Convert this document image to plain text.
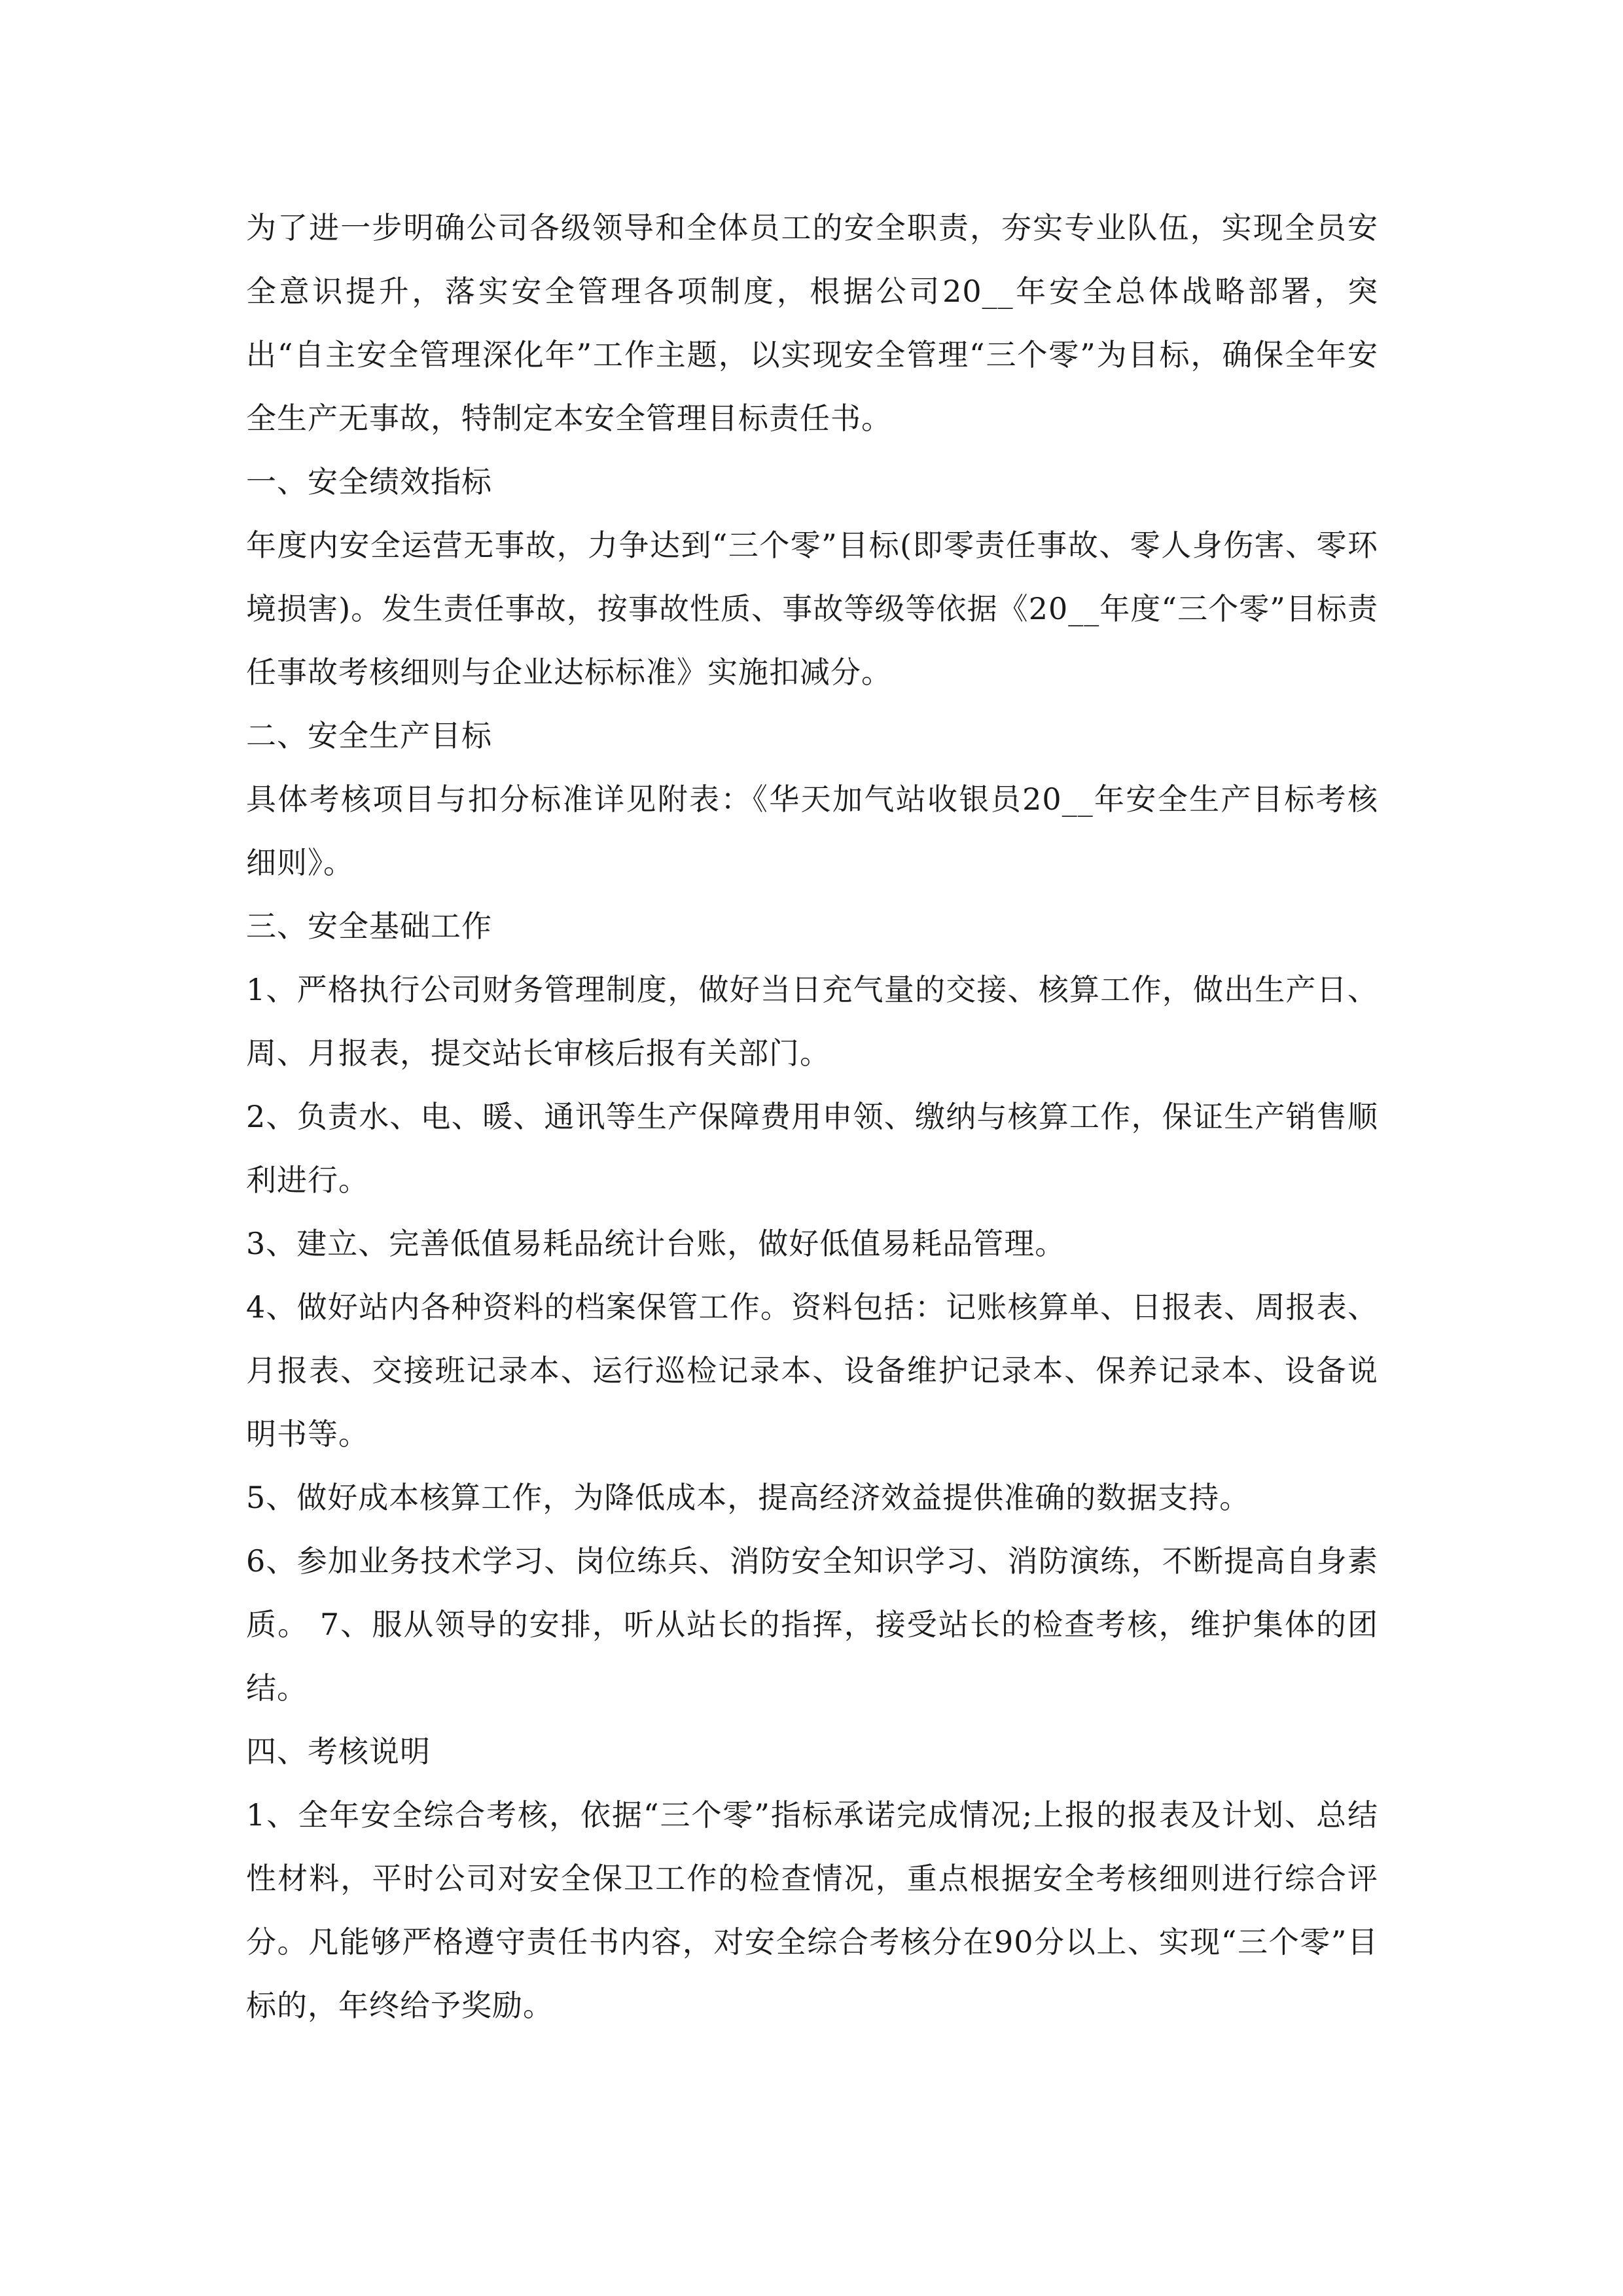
为了进一步明确公司各级领导和全体员工的安全职责，夯实专业队伍，实现全员安全意识提升，落实安全管理各项制度，根据公司20__年安全总体战略部署，突出“自主安全管理深化年”工作主题，以实现安全管理“三个零”为目标，确保全年安全生产无事故，特制定本安全管理目标责任书。

一、安全绩效指标

年度内安全运营无事故，力争达到“三个零”目标(即零责任事故、零人身伤害、零环境损害)。发生责任事故，按事故性质、事故等级等依据《20__年度“三个零”目标责任事故考核细则与企业达标标准》实施扣减分。

二、安全生产目标

具体考核项目与扣分标准详见附表：《华天加气站收银员20__年安全生产目标考核细则》。

三、安全基础工作

1、严格执行公司财务管理制度，做好当日充气量的交接、核算工作，做出生产日、周、月报表，提交站长审核后报有关部门。

2、负责水、电、暖、通讯等生产保障费用申领、缴纳与核算工作，保证生产销售顺利进行。

3、建立、完善低值易耗品统计台账，做好低值易耗品管理。

4、做好站内各种资料的档案保管工作。资料包括：记账核算单、日报表、周报表、月报表、交接班记录本、运行巡检记录本、设备维护记录本、保养记录本、设备说明书等。

5、做好成本核算工作，为降低成本，提高经济效益提供准确的数据支持。

6、参加业务技术学习、岗位练兵、消防安全知识学习、消防演练，不断提高自身素质。 7、服从领导的安排，听从站长的指挥，接受站长的检查考核，维护集体的团结。

四、考核说明

1、全年安全综合考核，依据“三个零”指标承诺完成情况;上报的报表及计划、总结性材料，平时公司对安全保卫工作的检查情况，重点根据安全考核细则进行综合评分。凡能够严格遵守责任书内容，对安全综合考核分在90分以上、实现“三个零”目标的，年终给予奖励。
